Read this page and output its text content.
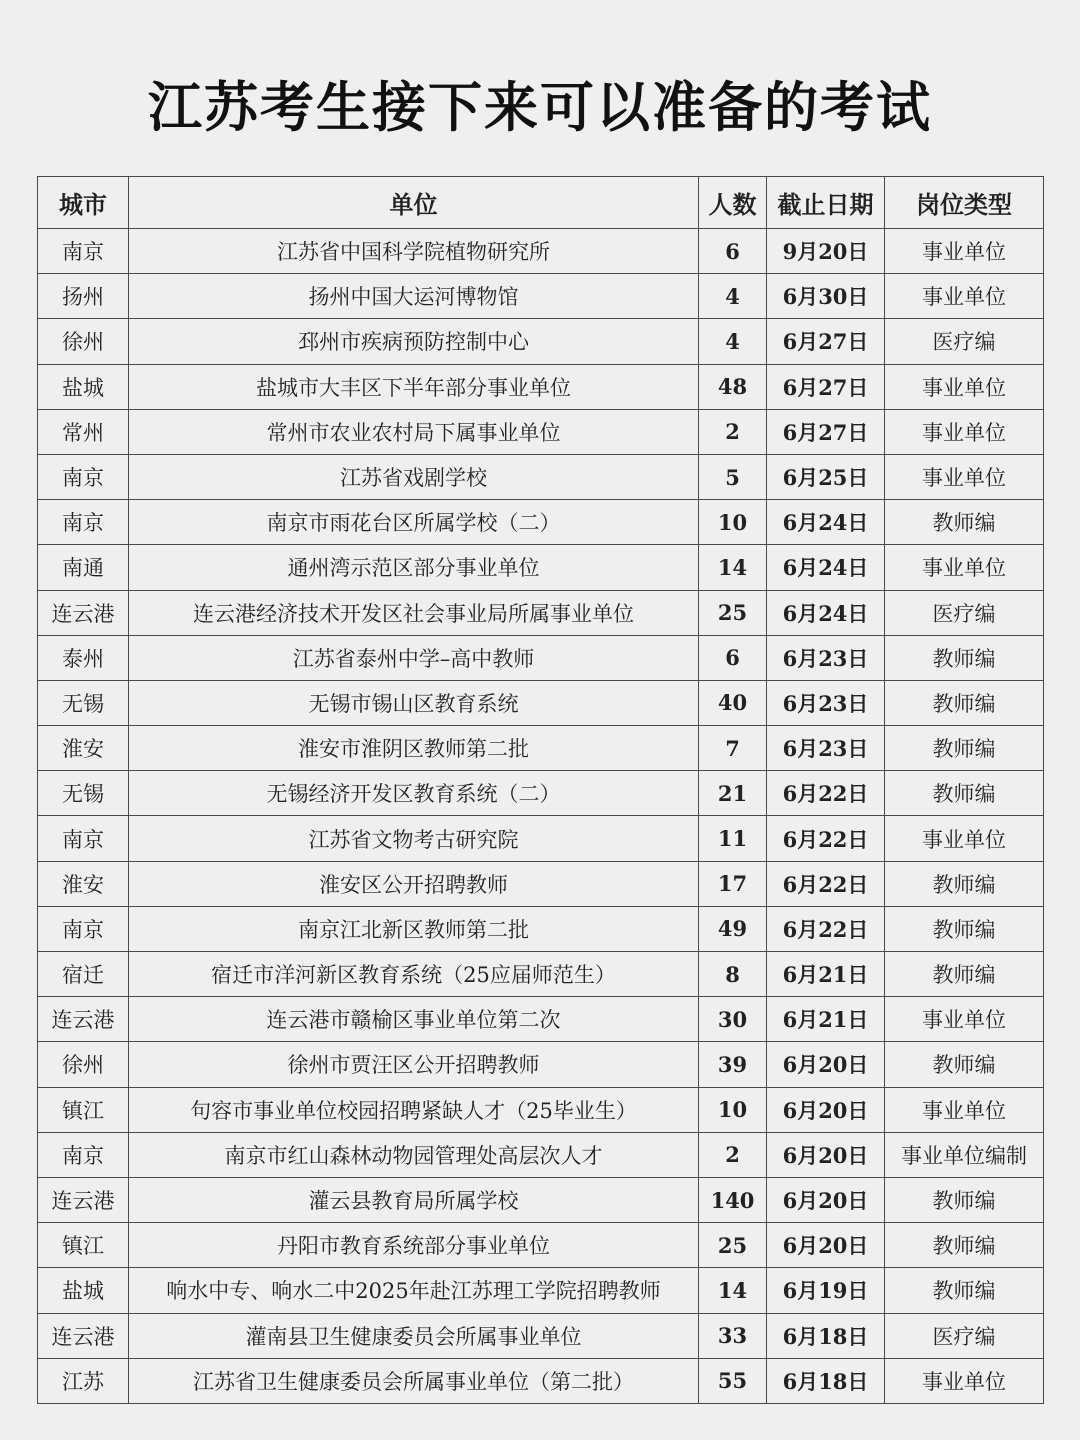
江苏考生接下来可以准备的考试
城市	单位	人数	截止日期	岗位类型
南京	江苏省中国科学院植物研究所	6	9月20日	事业单位
扬州	扬州中国大运河博物馆	4	6月30日	事业单位
徐州	邳州市疾病预防控制中心	4	6月27日	医疗编
盐城	盐城市大丰区下半年部分事业单位	48	6月27日	事业单位
常州	常州市农业农村局下属事业单位	2	6月27日	事业单位
南京	江苏省戏剧学校	5	6月25日	事业单位
南京	南京市雨花台区所属学校（二）	10	6月24日	教师编
南通	通州湾示范区部分事业单位	14	6月24日	事业单位
连云港	连云港经济技术开发区社会事业局所属事业单位	25	6月24日	医疗编
泰州	江苏省泰州中学–高中教师	6	6月23日	教师编
无锡	无锡市锡山区教育系统	40	6月23日	教师编
淮安	淮安市淮阴区教师第二批	7	6月23日	教师编
无锡	无锡经济开发区教育系统（二）	21	6月22日	教师编
南京	江苏省文物考古研究院	11	6月22日	事业单位
淮安	淮安区公开招聘教师	17	6月22日	教师编
南京	南京江北新区教师第二批	49	6月22日	教师编
宿迁	宿迁市洋河新区教育系统（25应届师范生）	8	6月21日	教师编
连云港	连云港市赣榆区事业单位第二次	30	6月21日	事业单位
徐州	徐州市贾汪区公开招聘教师	39	6月20日	教师编
镇江	句容市事业单位校园招聘紧缺人才（25毕业生）	10	6月20日	事业单位
南京	南京市红山森林动物园管理处高层次人才	2	6月20日	事业单位编制
连云港	灌云县教育局所属学校	140	6月20日	教师编
镇江	丹阳市教育系统部分事业单位	25	6月20日	教师编
盐城	响水中专、响水二中2025年赴江苏理工学院招聘教师	14	6月19日	教师编
连云港	灌南县卫生健康委员会所属事业单位	33	6月18日	医疗编
江苏	江苏省卫生健康委员会所属事业单位（第二批）	55	6月18日	事业单位
